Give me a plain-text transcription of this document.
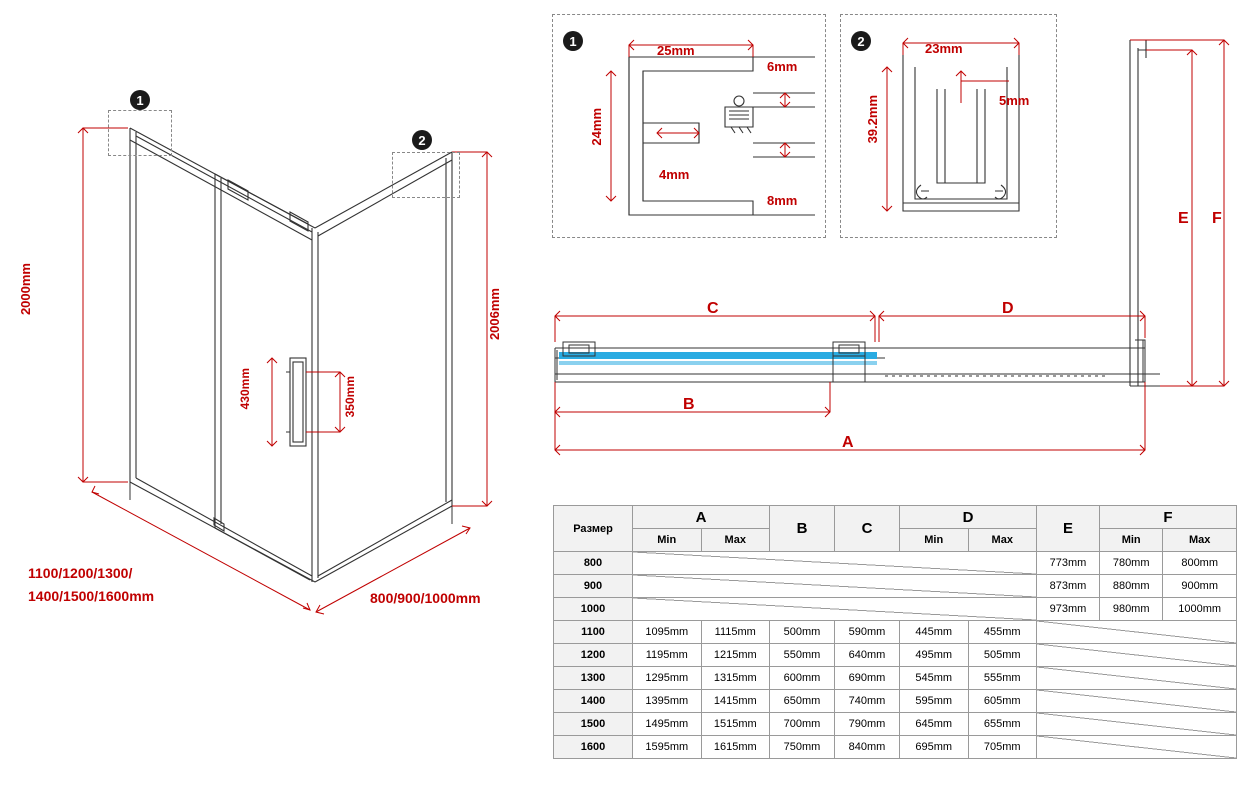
1
2
2000mm	2006mm
430mm	350mm
1100/1200/1300/
1400/1500/1600mm	800/900/1000mm
1
25mm
24mm
4mm
6mm
8mm
2	23mm
39.2mm	5mm
E F
C	D
B
A
Размер	A		B	C	D		E	F	
	Min	Max			Min	Max		Min	Max
800							773mm	780mm	800mm
900							873mm	880mm	900mm
1000							973mm	980mm	1000mm
1100	1095mm	1115mm	500mm	590mm	445mm	455mm			
1200	1195mm	1215mm	550mm	640mm	495mm	505mm			
1300	1295mm	1315mm	600mm	690mm	545mm	555mm			
1400	1395mm	1415mm	650mm	740mm	595mm	605mm			
1500	1495mm	1515mm	700mm	790mm	645mm	655mm			
1600	1595mm	1615mm	750mm	840mm	695mm	705mm			
